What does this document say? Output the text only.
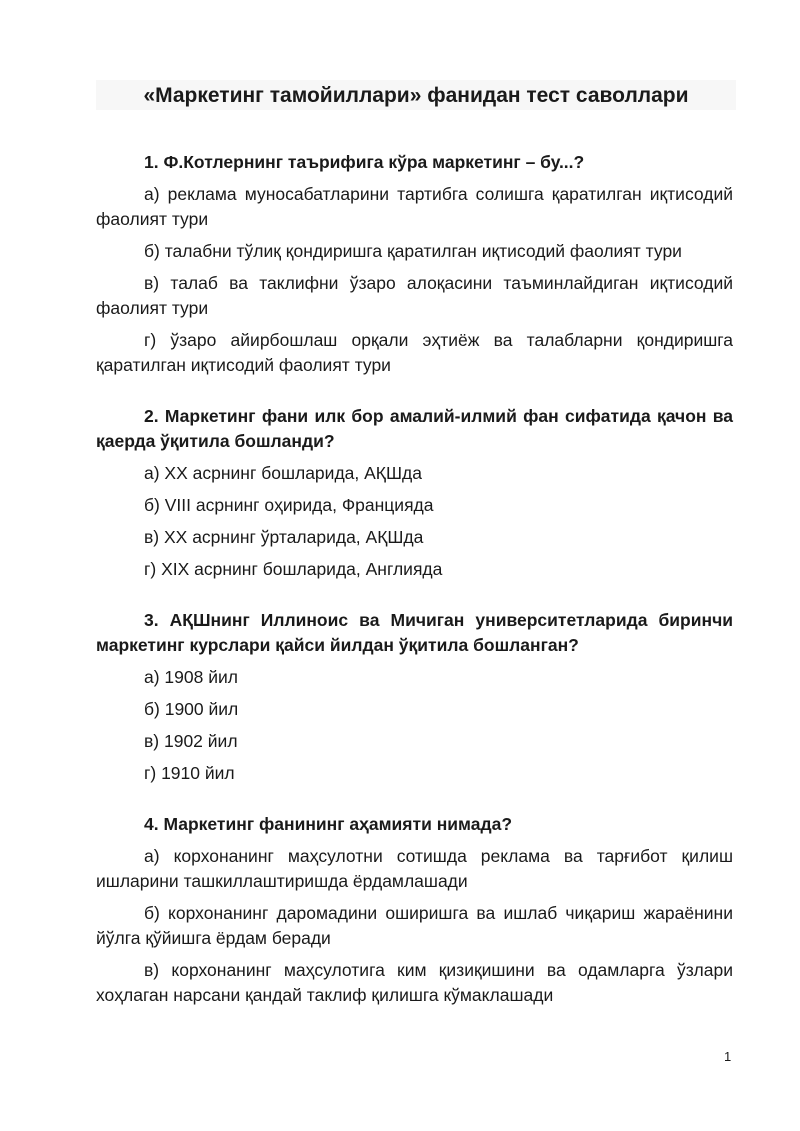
«Маркетинг тамойиллари» фанидан тест саволлари

1. Ф.Котлернинг таърифига кўра маркетинг – бу...?

а) реклама муносабатларини тартибга солишга қаратилган иқтисодий фаолият тури

б) талабни тўлиқ қондиришга қаратилган иқтисодий фаолият тури

в) талаб ва таклифни ўзаро алоқасини таъминлайдиган иқтисодий фаолият тури

г) ўзаро айирбошлаш орқали эҳтиёж ва талабларни қондиришга қаратилган иқтисодий фаолият тури

2. Маркетинг фани илк бор амалий-илмий фан сифатида қачон ва қаерда ўқитила бошланди?

а) XX асрнинг бошларида, АҚШда

б) VIII асрнинг оҳирида, Францияда

в) XX асрнинг ўрталарида, АҚШда

г) XIX асрнинг бошларида, Англияда

3. АҚШнинг Иллиноис ва Мичиган университетларида биринчи маркетинг курслари қайси йилдан ўқитила бошланган?

а) 1908 йил

б) 1900 йил

в) 1902 йил

г) 1910 йил

4. Маркетинг фанининг аҳамияти нимада?

а) корхонанинг маҳсулотни сотишда реклама ва тарғибот қилиш ишларини ташкиллаштиришда ёрдамлашади

б) корхонанинг даромадини оширишга ва ишлаб чиқариш жараёнини йўлга қўйишга ёрдам беради

в) корхонанинг маҳсулотига ким қизиқишини ва одамларга ўзлари хоҳлаган нарсани қандай таклиф қилишга кўмаклашади

1
